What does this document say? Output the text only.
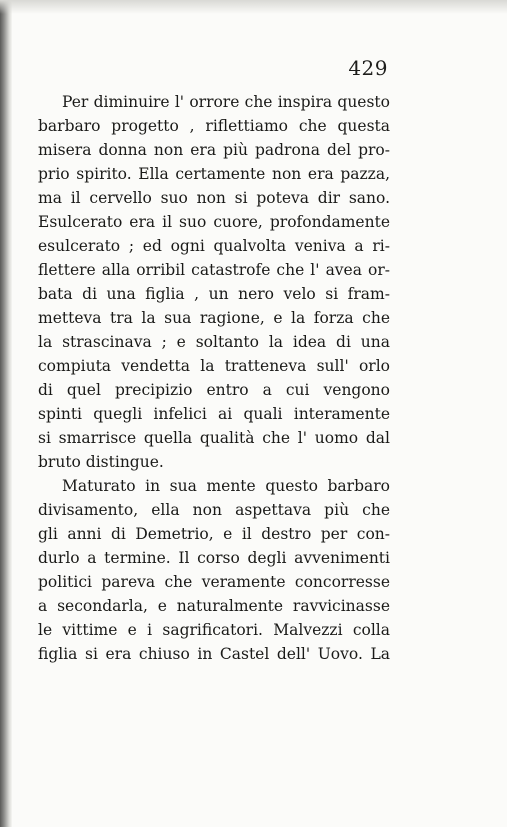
429
Per diminuire l' orrore che inspira questo
barbaro progetto , riflettiamo che questa
misera donna non era più padrona del pro-
prio spirito. Ella certamente non era pazza,
ma il cervello suo non si poteva dir sano.
Esulcerato era il suo cuore, profondamente
esulcerato ; ed ogni qualvolta veniva a ri-
flettere alla orribil catastrofe che l' avea or-
bata di una figlia , un nero velo si fram-
metteva tra la sua ragione, e la forza che
la strascinava ; e soltanto la idea di una
compiuta vendetta la tratteneva sull' orlo
di quel precipizio entro a cui vengono
spinti quegli infelici ai quali interamente
si smarrisce quella qualità che l' uomo dal
bruto distingue.
Maturato in sua mente questo barbaro
divisamento, ella non aspettava più che
gli anni di Demetrio, e il destro per con-
durlo a termine. Il corso degli avvenimenti
politici pareva che veramente concorresse
a secondarla, e naturalmente ravvicinasse
le vittime e i sagrificatori. Malvezzi colla
figlia si era chiuso in Castel dell' Uovo. La
